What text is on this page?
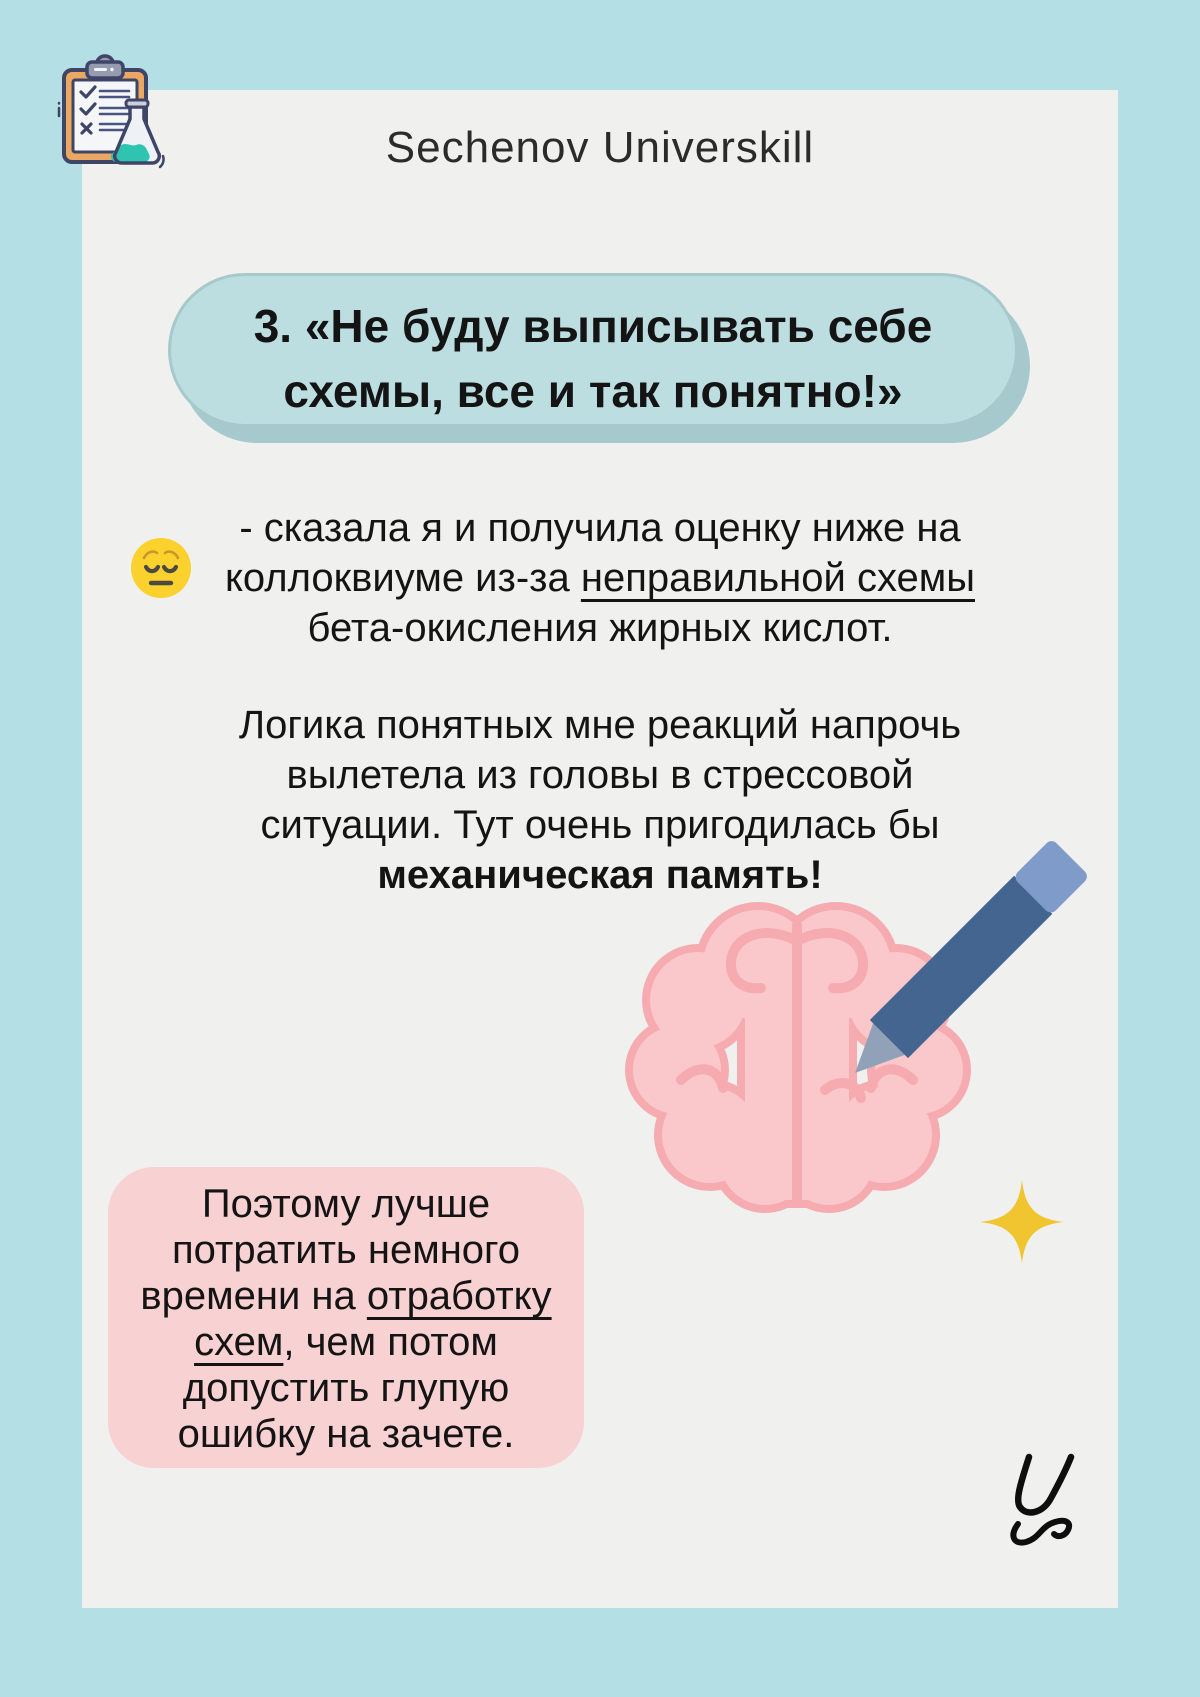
Sechenov Universkill
3. «Не буду выписывать себе
схемы, все и так понятно!»
- сказала я и получила оценку ниже на
коллоквиуме из-за неправильной схемы
бета-окисления жирных кислот.
Логика понятных мне реакций напрочь
вылетела из головы в стрессовой
ситуации. Тут очень пригодилась бы
механическая память!
Поэтому лучше
потратить немного
времени на отработку
схем, чем потом
допустить глупую
ошибку на зачете.
